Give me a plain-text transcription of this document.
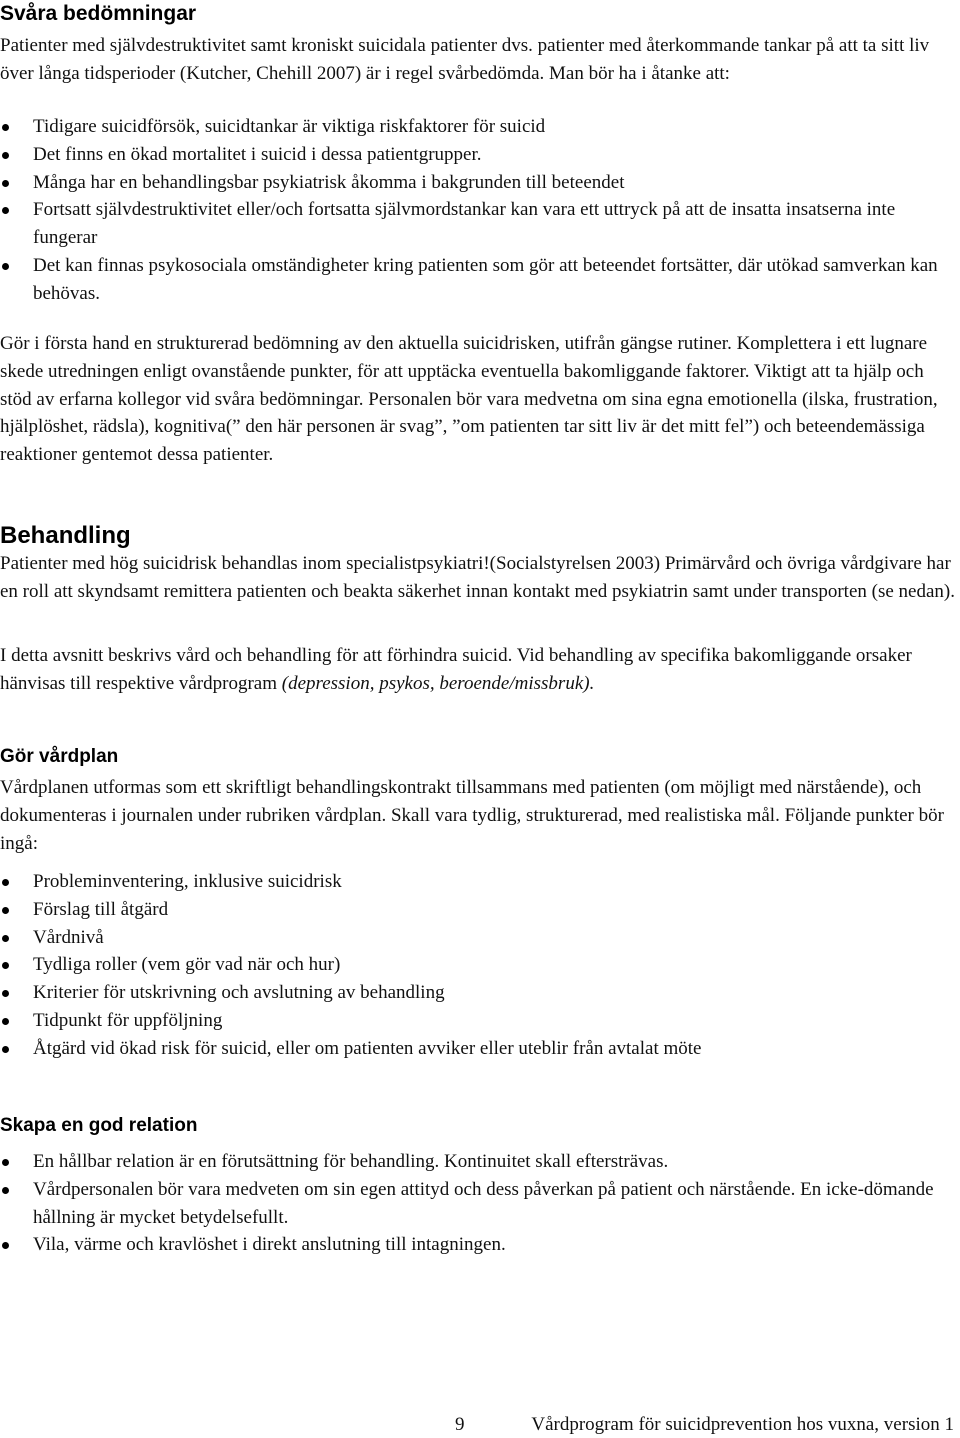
Svåra bedömningar

Patienter med självdestruktivitet samt kroniskt suicidala patienter dvs. patienter med återkommande tankar på att ta sitt liv över långa tidsperioder (Kutcher, Chehill 2007) är i regel svårbedömda. Man bör ha i åtanke att:

Tidigare suicidförsök, suicidtankar är viktiga riskfaktorer för suicid
Det finns en ökad mortalitet i suicid i dessa patientgrupper.
Många har en behandlingsbar psykiatrisk åkomma i bakgrunden till beteendet
Fortsatt självdestruktivitet eller/och fortsatta självmordstankar kan vara ett uttryck på att de insatta insatserna inte fungerar
Det kan finnas psykosociala omständigheter kring patienten som gör att beteendet fortsätter, där utökad samverkan kan behövas.

Gör i första hand en strukturerad bedömning av den aktuella suicidrisken, utifrån gängse rutiner. Komplettera i ett lugnare skede utredningen enligt ovanstående punkter, för att upptäcka eventuella bakomliggande faktorer. Viktigt att ta hjälp och stöd av erfarna kollegor vid svåra bedömningar. Personalen bör vara medvetna om sina egna emotionella (ilska, frustration, hjälplöshet, rädsla), kognitiva(” den här personen är svag”, ”om patienten tar sitt liv är det mitt fel”) och beteendemässiga reaktioner gentemot dessa patienter.

Behandling

Patienter med hög suicidrisk behandlas inom specialistpsykiatri!(Socialstyrelsen 2003) Primärvård och övriga vårdgivare har en roll att skyndsamt remittera patienten och beakta säkerhet innan kontakt med psykiatrin samt under transporten (se nedan).

I detta avsnitt beskrivs vård och behandling för att förhindra suicid. Vid behandling av specifika bakomliggande orsaker hänvisas till respektive vårdprogram (depression, psykos, beroende/missbruk).

Gör vårdplan

Vårdplanen utformas som ett skriftligt behandlingskontrakt tillsammans med patienten (om möjligt med närstående), och dokumenteras i journalen under rubriken vårdplan. Skall vara tydlig, strukturerad, med realistiska mål. Följande punkter bör ingå:

Probleminventering, inklusive suicidrisk
Förslag till åtgärd
Vårdnivå
Tydliga roller (vem gör vad när och hur)
Kriterier för utskrivning och avslutning av behandling
Tidpunkt för uppföljning
Åtgärd vid ökad risk för suicid, eller om patienten avviker eller uteblir från avtalat möte
Skapa en god relation
En hållbar relation är en förutsättning för behandling. Kontinuitet skall eftersträvas.
Vårdpersonalen bör vara medveten om sin egen attityd och dess påverkan på patient och närstående. En icke-dömande hållning är mycket betydelsefullt.
Vila, värme och kravlöshet i direkt anslutning till intagningen.
9	Vårdprogram för suicidprevention hos vuxna, version 1
